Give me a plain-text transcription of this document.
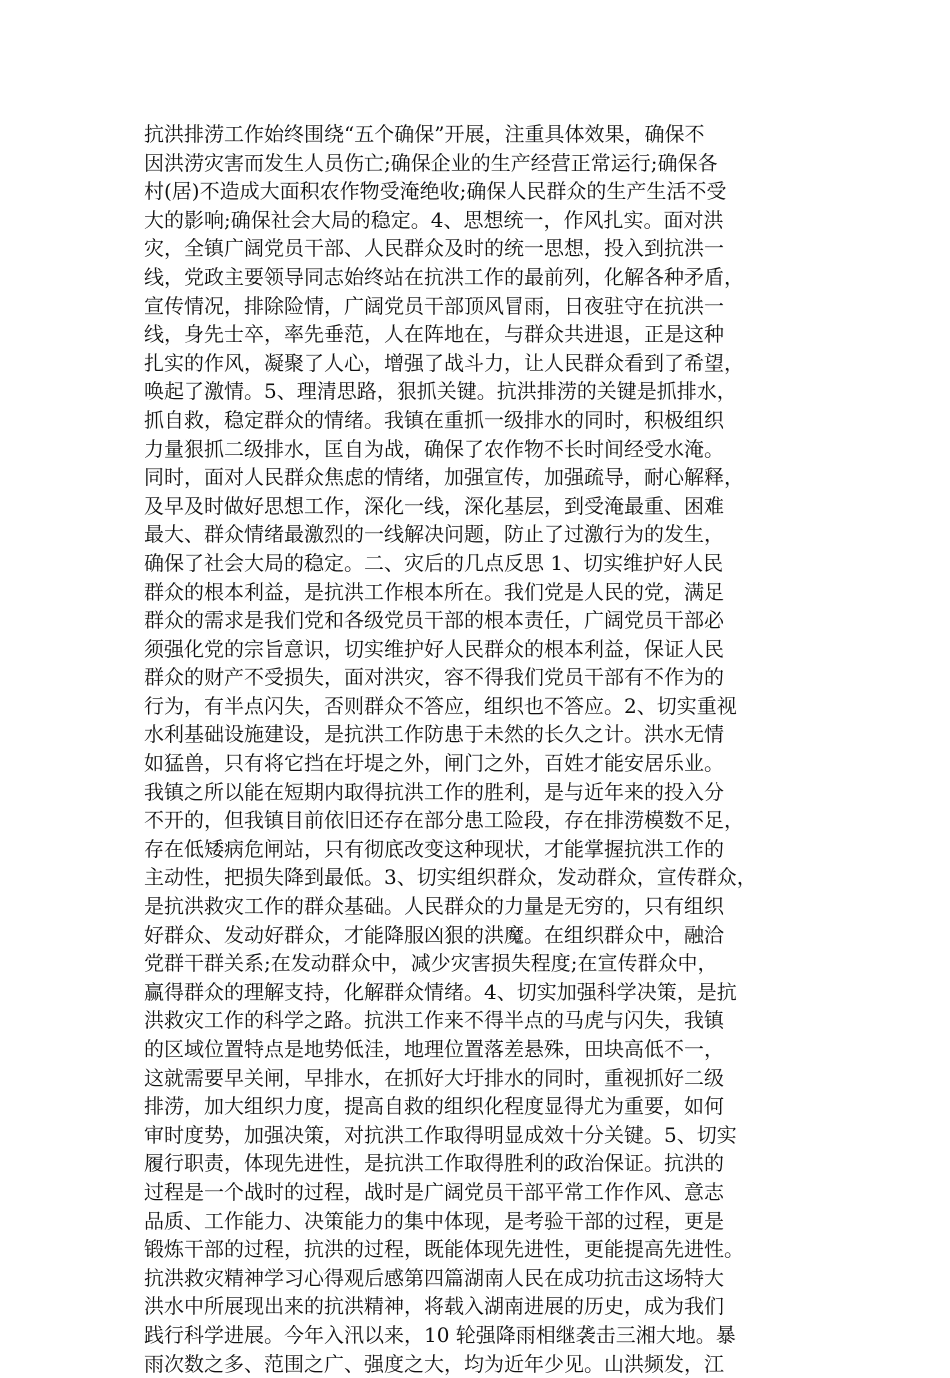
抗洪排涝工作始终围绕“五个确保”开展，注重具体效果，确保不
因洪涝灾害而发生人员伤亡;确保企业的生产经营正常运行;确保各
村(居)不造成大面积农作物受淹绝收;确保人民群众的生产生活不受
大的影响;确保社会大局的稳定。4、思想统一，作风扎实。面对洪
灾，全镇广阔党员干部、人民群众及时的统一思想，投入到抗洪一
线，党政主要领导同志始终站在抗洪工作的最前列，化解各种矛盾，
宣传情况，排除险情，广阔党员干部顶风冒雨，日夜驻守在抗洪一
线，身先士卒，率先垂范，人在阵地在，与群众共进退，正是这种
扎实的作风，凝聚了人心，增强了战斗力，让人民群众看到了希望，
唤起了激情。5、理清思路，狠抓关键。抗洪排涝的关键是抓排水，
抓自救，稳定群众的情绪。我镇在重抓一级排水的同时，积极组织
力量狠抓二级排水，匡自为战，确保了农作物不长时间经受水淹。
同时，面对人民群众焦虑的情绪，加强宣传，加强疏导，耐心解释，
及早及时做好思想工作，深化一线，深化基层，到受淹最重、困难
最大、群众情绪最激烈的一线解决问题，防止了过激行为的发生，
确保了社会大局的稳定。二、灾后的几点反思 1、切实维护好人民
群众的根本利益，是抗洪工作根本所在。我们党是人民的党，满足
群众的需求是我们党和各级党员干部的根本责任，广阔党员干部必
须强化党的宗旨意识，切实维护好人民群众的根本利益，保证人民
群众的财产不受损失，面对洪灾，容不得我们党员干部有不作为的
行为，有半点闪失，否则群众不答应，组织也不答应。2、切实重视
水利基础设施建设，是抗洪工作防患于未然的长久之计。洪水无情
如猛兽，只有将它挡在圩堤之外，闸门之外，百姓才能安居乐业。
我镇之所以能在短期内取得抗洪工作的胜利，是与近年来的投入分
不开的，但我镇目前依旧还存在部分患工险段，存在排涝模数不足，
存在低矮病危闸站，只有彻底改变这种现状，才能掌握抗洪工作的
主动性，把损失降到最低。3、切实组织群众，发动群众，宣传群众，
是抗洪救灾工作的群众基础。人民群众的力量是无穷的，只有组织
好群众、发动好群众，才能降服凶狠的洪魔。在组织群众中，融洽
党群干群关系;在发动群众中，减少灾害损失程度;在宣传群众中，
赢得群众的理解支持，化解群众情绪。4、切实加强科学决策，是抗
洪救灾工作的科学之路。抗洪工作来不得半点的马虎与闪失，我镇
的区域位置特点是地势低洼，地理位置落差悬殊，田块高低不一，
这就需要早关闸，早排水，在抓好大圩排水的同时，重视抓好二级
排涝，加大组织力度，提高自救的组织化程度显得尤为重要，如何
审时度势，加强决策，对抗洪工作取得明显成效十分关键。5、切实
履行职责，体现先进性，是抗洪工作取得胜利的政治保证。抗洪的
过程是一个战时的过程，战时是广阔党员干部平常工作作风、意志
品质、工作能力、决策能力的集中体现，是考验干部的过程，更是
锻炼干部的过程，抗洪的过程，既能体现先进性，更能提高先进性。
抗洪救灾精神学习心得观后感第四篇湖南人民在成功抗击这场特大
洪水中所展现出来的抗洪精神，将载入湖南进展的历史，成为我们
践行科学进展。今年入汛以来，10 轮强降雨相继袭击三湘大地。暴
雨次数之多、范围之广、强度之大，均为近年少见。山洪频发，江
